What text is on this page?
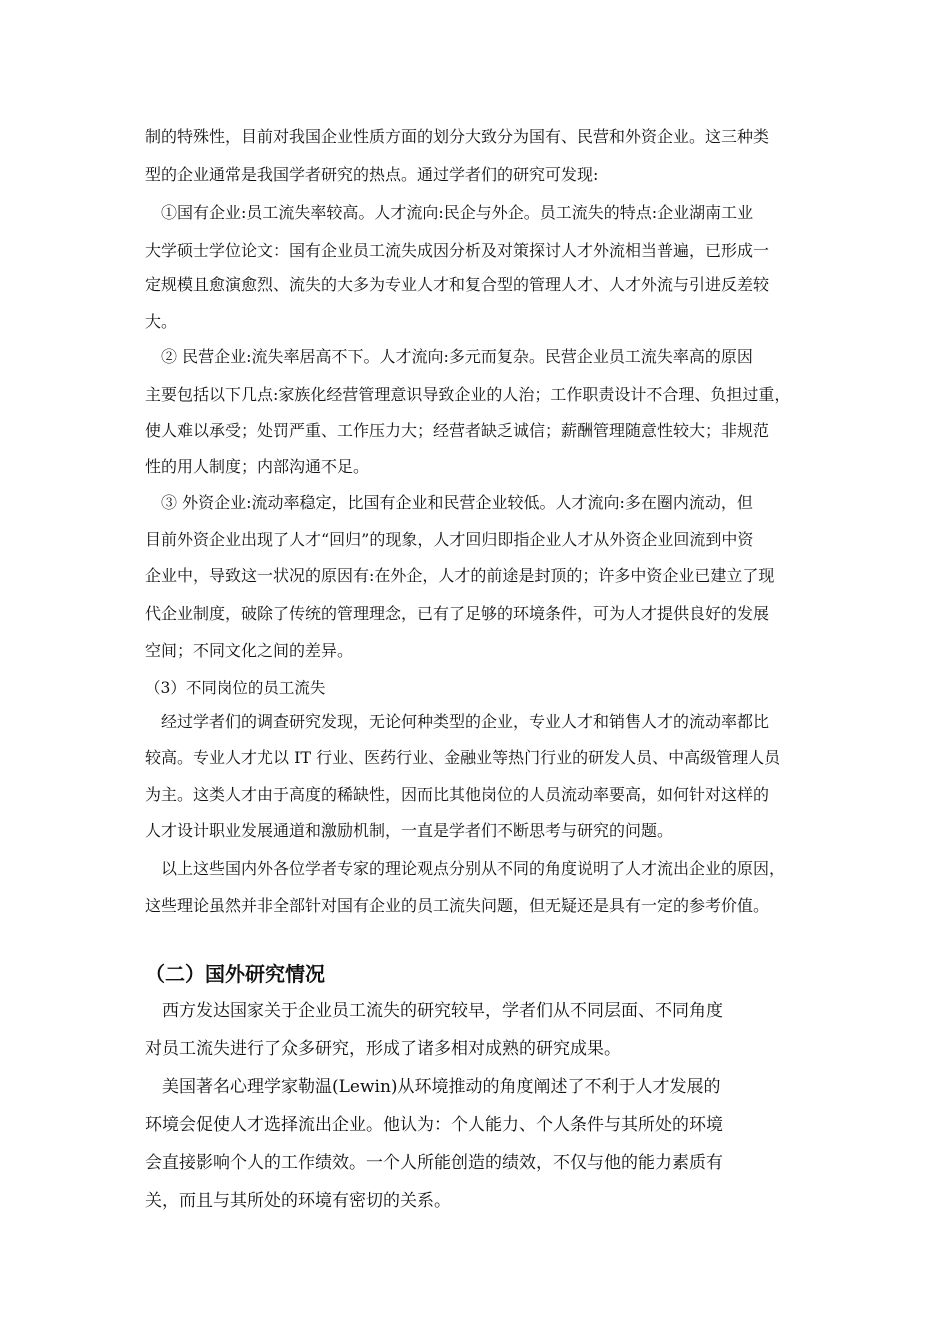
制的特殊性，目前对我国企业性质方面的划分大致分为国有、民营和外资企业。这三种类
型的企业通常是我国学者研究的热点。通过学者们的研究可发现:
　①国有企业:员工流失率较高。人才流向:民企与外企。员工流失的特点:企业湖南工业
大学硕士学位论文：国有企业员工流失成因分析及对策探讨人才外流相当普遍，已形成一
定规模且愈演愈烈、流失的大多为专业人才和复合型的管理人才、人才外流与引进反差较
大。
　② 民营企业:流失率居高不下。人才流向:多元而复杂。民营企业员工流失率高的原因
主要包括以下几点:家族化经营管理意识导致企业的人治；工作职责设计不合理、负担过重，
使人难以承受；处罚严重、工作压力大；经营者缺乏诚信；薪酬管理随意性较大；非规范
性的用人制度；内部沟通不足。
　③ 外资企业:流动率稳定，比国有企业和民营企业较低。人才流向:多在圈内流动，但
目前外资企业出现了人才“回归”的现象，人才回归即指企业人才从外资企业回流到中资
企业中，导致这一状况的原因有:在外企，人才的前途是封顶的；许多中资企业已建立了现
代企业制度，破除了传统的管理理念，已有了足够的环境条件，可为人才提供良好的发展
空间；不同文化之间的差异。
（3）不同岗位的员工流失
　经过学者们的调查研究发现，无论何种类型的企业，专业人才和销售人才的流动率都比
较高。专业人才尤以 IT 行业、医药行业、金融业等热门行业的研发人员、中高级管理人员
为主。这类人才由于高度的稀缺性，因而比其他岗位的人员流动率要高，如何针对这样的
人才设计职业发展通道和激励机制，一直是学者们不断思考与研究的问题。
　以上这些国内外各位学者专家的理论观点分别从不同的角度说明了人才流出企业的原因，
这些理论虽然并非全部针对国有企业的员工流失问题，但无疑还是具有一定的参考价值。
（二）国外研究情况
　西方发达国家关于企业员工流失的研究较早，学者们从不同层面、不同角度
对员工流失进行了众多研究，形成了诸多相对成熟的研究成果。
　美国著名心理学家勒温(Lewin)从环境推动的角度阐述了不利于人才发展的
环境会促使人才选择流出企业。他认为：个人能力、个人条件与其所处的环境
会直接影响个人的工作绩效。一个人所能创造的绩效，不仅与他的能力素质有
关，而且与其所处的环境有密切的关系。
